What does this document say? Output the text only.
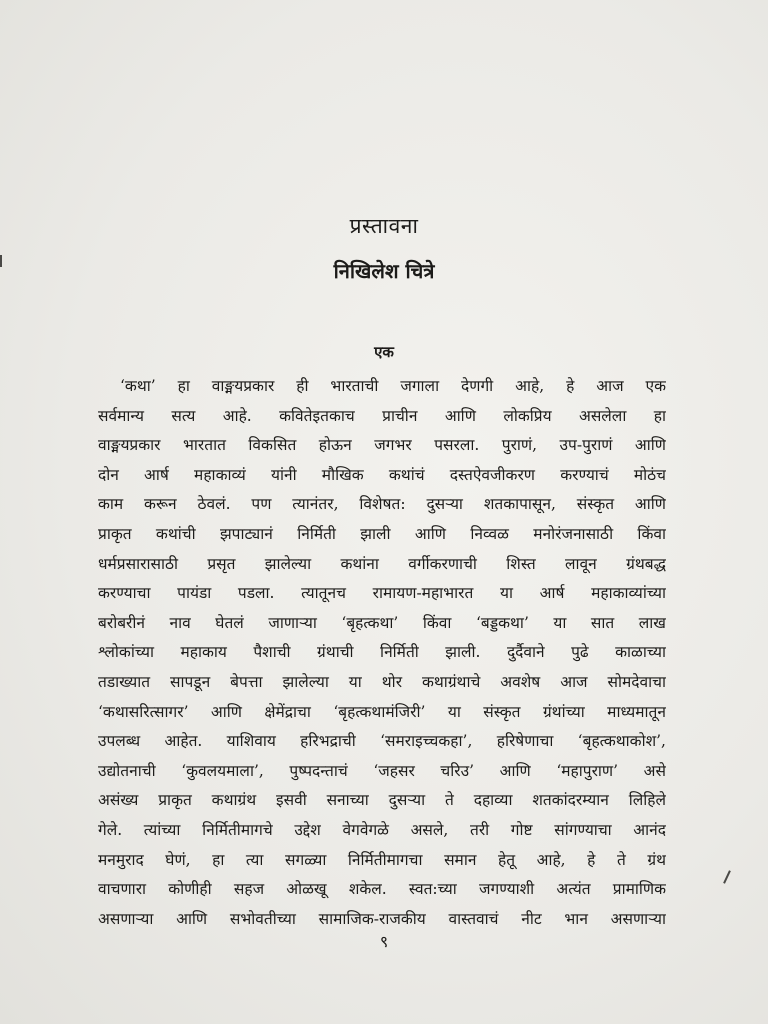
प्रस्तावना
निखिलेश चित्रे
एक
‘कथा’ हा वाङ्मयप्रकार ही भारताची जगाला देणगी आहे, हे आज एक
सर्वमान्य सत्य आहे. कवितेइतकाच प्राचीन आणि लोकप्रिय असलेला हा
वाङ्मयप्रकार भारतात विकसित होऊन जगभर पसरला. पुराणं, उप-पुराणं आणि
दोन आर्ष महाकाव्यं यांनी मौखिक कथांचं दस्तऐवजीकरण करण्याचं मोठंच
काम करून ठेवलं. पण त्यानंतर, विशेषत: दुसऱ्या शतकापासून, संस्कृत आणि
प्राकृत कथांची झपाट्यानं निर्मिती झाली आणि निव्वळ मनोरंजनासाठी किंवा
धर्मप्रसारासाठी प्रसृत झालेल्या कथांना वर्गीकरणाची शिस्त लावून ग्रंथबद्ध
करण्याचा पायंडा पडला. त्यातूनच रामायण-महाभारत या आर्ष महाकाव्यांच्या
बरोबरीनं नाव घेतलं जाणाऱ्या ‘बृहत्कथा’ किंवा ‘बड्डकथा’ या सात लाख
श्लोकांच्या महाकाय पैशाची ग्रंथाची निर्मिती झाली. दुर्दैवाने पुढे काळाच्या
तडाख्यात सापडून बेपत्ता झालेल्या या थोर कथाग्रंथाचे अवशेष आज सोमदेवाचा
‘कथासरित्सागर’ आणि क्षेमेंद्राचा ‘बृहत्कथामंजिरी’ या संस्कृत ग्रंथांच्या माध्यमातून
उपलब्ध आहेत. याशिवाय हरिभद्राची ‘समराइच्चकहा’, हरिषेणाचा ‘बृहत्कथाकोश’,
उद्योतनाची ‘कुवलयमाला’, पुष्पदन्ताचं ‘जहसर चरिउ’ आणि ‘महापुराण’ असे
असंख्य प्राकृत कथाग्रंथ इसवी सनाच्या दुसऱ्या ते दहाव्या शतकांदरम्यान लिहिले
गेले. त्यांच्या निर्मितीमागचे उद्देश वेगवेगळे असले, तरी गोष्ट सांगण्याचा आनंद
मनमुराद घेणं, हा त्या सगळ्या निर्मितीमागचा समान हेतू आहे, हे ते ग्रंथ
वाचणारा कोणीही सहज ओळखू शकेल. स्वत:च्या जगण्याशी अत्यंत प्रामाणिक
असणाऱ्या आणि सभोवतीच्या सामाजिक-राजकीय वास्तवाचं नीट भान असणाऱ्या
९
